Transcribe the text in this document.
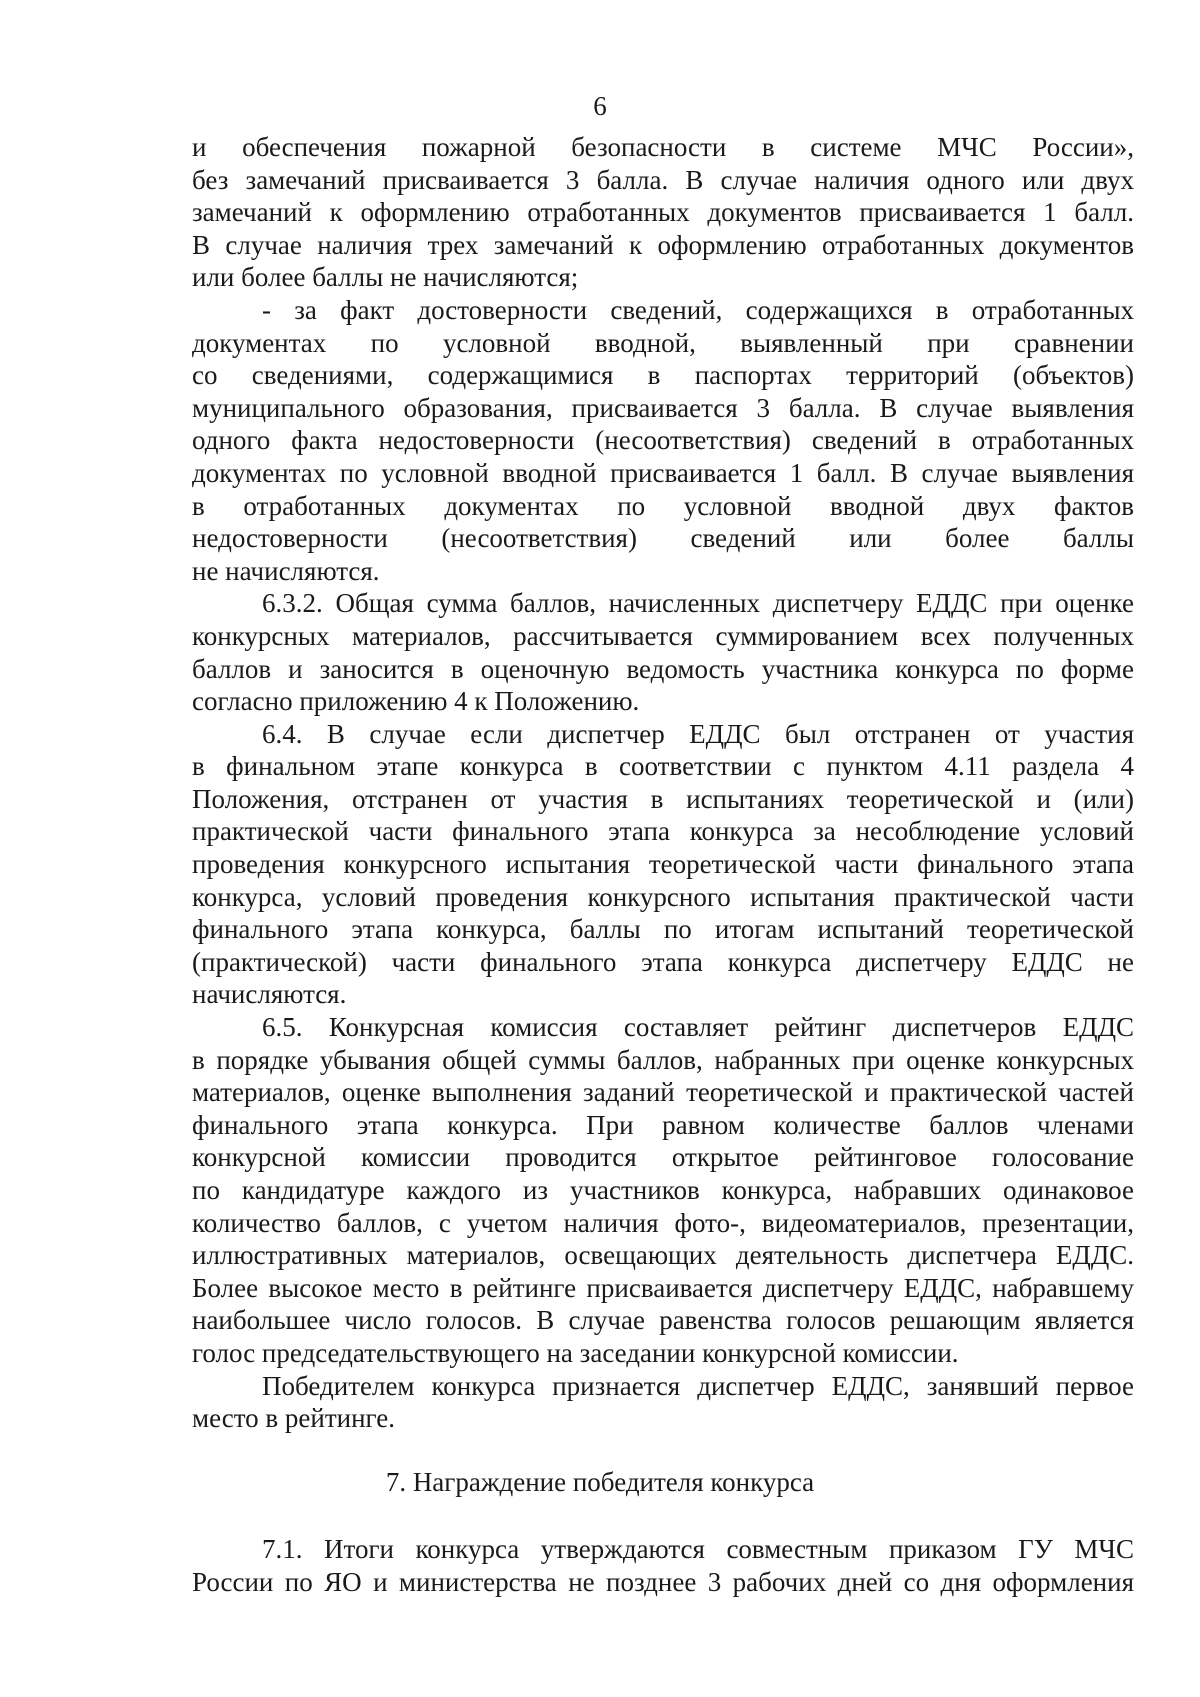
6
и обеспечения пожарной безопасности в системе МЧС России»,
без замечаний присваивается 3 балла. В случае наличия одного или двух
замечаний к оформлению отработанных документов присваивается 1 балл.
В случае наличия трех замечаний к оформлению отработанных документов
или более баллы не начисляются;
- за факт достоверности сведений, содержащихся в отработанных
документах по условной вводной, выявленный при сравнении
со сведениями, содержащимися в паспортах территорий (объектов)
муниципального образования, присваивается 3 балла. В случае выявления
одного факта недостоверности (несоответствия) сведений в отработанных
документах по условной вводной присваивается 1 балл. В случае выявления
в отработанных документах по условной вводной двух фактов
недостоверности (несоответствия) сведений или более баллы
не начисляются.
6.3.2. Общая сумма баллов, начисленных диспетчеру ЕДДС при оценке
конкурсных материалов, рассчитывается суммированием всех полученных
баллов и заносится в оценочную ведомость участника конкурса по форме
согласно приложению 4 к Положению.
6.4. В случае если диспетчер ЕДДС был отстранен от участия
в финальном этапе конкурса в соответствии с пунктом 4.11 раздела 4
Положения, отстранен от участия в испытаниях теоретической и (или)
практической части финального этапа конкурса за несоблюдение условий
проведения конкурсного испытания теоретической части финального этапа
конкурса, условий проведения конкурсного испытания практической части
финального этапа конкурса, баллы по итогам испытаний теоретической
(практической) части финального этапа конкурса диспетчеру ЕДДС не
начисляются.
6.5. Конкурсная комиссия составляет рейтинг диспетчеров ЕДДС
в порядке убывания общей суммы баллов, набранных при оценке конкурсных
материалов, оценке выполнения заданий теоретической и практической частей
финального этапа конкурса. При равном количестве баллов членами
конкурсной комиссии проводится открытое рейтинговое голосование
по кандидатуре каждого из участников конкурса, набравших одинаковое
количество баллов, с учетом наличия фото-, видеоматериалов, презентации,
иллюстративных материалов, освещающих деятельность диспетчера ЕДДС.
Более высокое место в рейтинге присваивается диспетчеру ЕДДС, набравшему
наибольшее число голосов. В случае равенства голосов решающим является
голос председательствующего на заседании конкурсной комиссии.
Победителем конкурса признается диспетчер ЕДДС, занявший первое
место в рейтинге.
7. Награждение победителя конкурса
7.1. Итоги конкурса утверждаются совместным приказом ГУ МЧС
России по ЯО и министерства не позднее 3 рабочих дней со дня оформления
